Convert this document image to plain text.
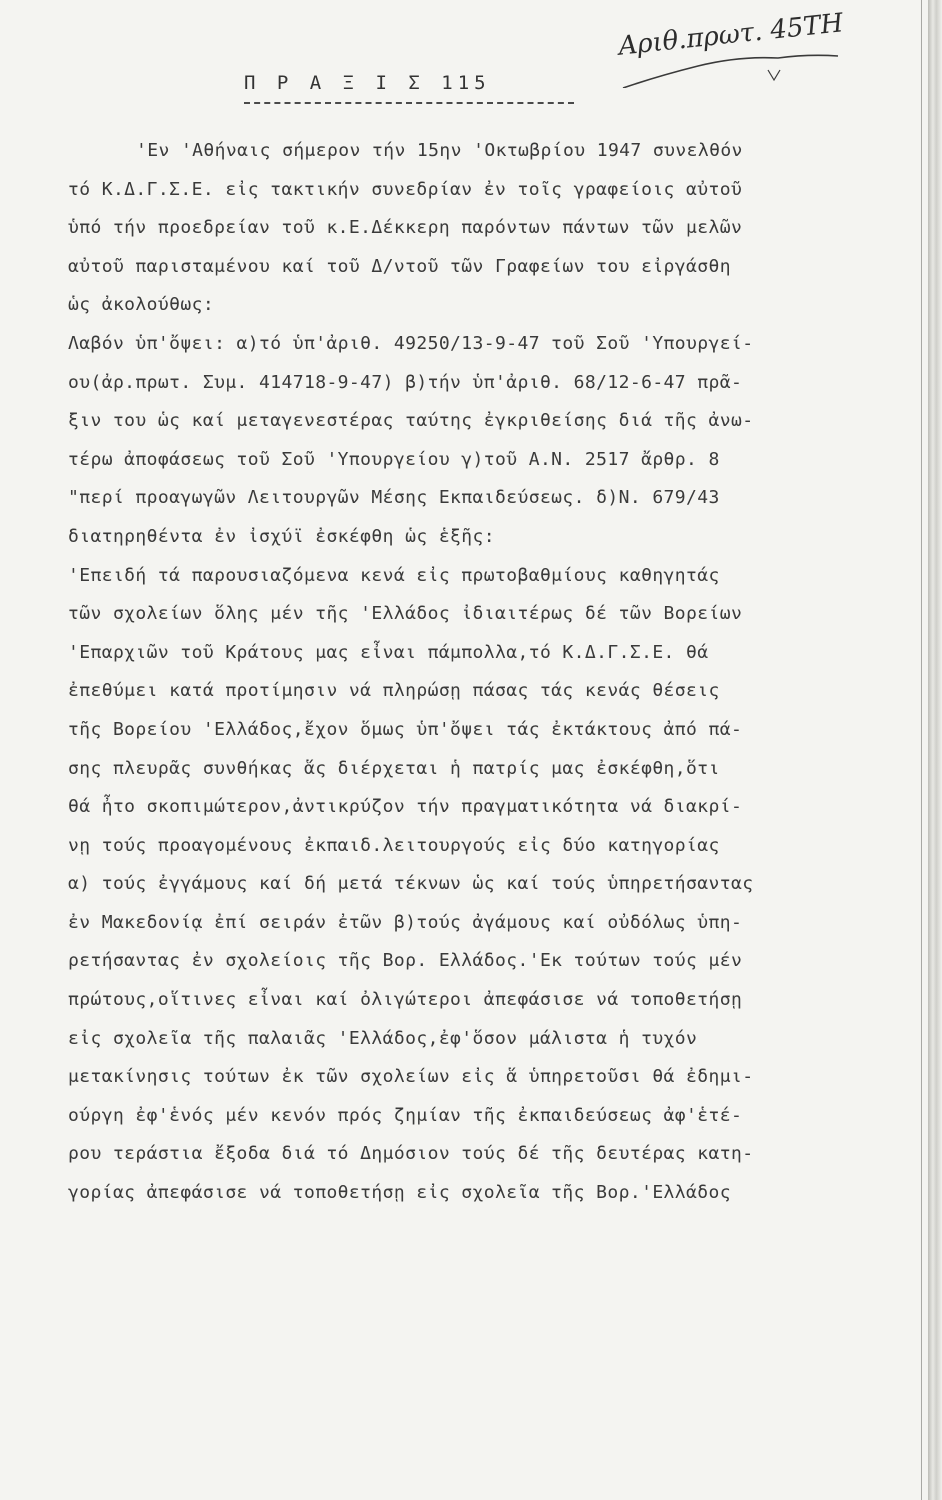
Αριθ.πρωτ. 45ΤΗ
Π Ρ Α Ξ Ι Σ 115
'Εν 'Αθήναις σήμερον τήν 15ην 'Οκτωβρίου 1947 συνελθόν
τό Κ.Δ.Γ.Σ.Ε. εἰς τακτικήν συνεδρίαν ἐν τοῖς γραφείοις αὐτοῦ
ὑπό τήν προεδρείαν τοῦ κ.Ε.Δέκκερη παρόντων πάντων τῶν μελῶν
αὐτοῦ παρισταμένου καί τοῦ Δ/ντοῦ τῶν Γραφείων του εἰργάσθη
ὡς ἀκολούθως:
Λαβόν ὑπ'ὄψει: α)τό ὑπ'ἀριθ. 49250/13-9-47 τοῦ Σοῦ 'Υπουργεί-
ου(ἀρ.πρωτ. Συμ. 414718-9-47) β)τήν ὑπ'ἀριθ. 68/12-6-47 πρᾶ-
ξιν του ὡς καί μεταγενεστέρας ταύτης ἐγκριθείσης διά τῆς ἀνω-
τέρω ἀποφάσεως τοῦ Σοῦ 'Υπουργείου γ)τοῦ Α.Ν. 2517 ἄρθρ. 8
"περί προαγωγῶν Λειτουργῶν Μέσης Εκπαιδεύσεως. δ)Ν. 679/43
διατηρηθέντα ἐν ἰσχύϊ ἐσκέφθη ὡς ἑξῆς:
'Επειδή τά παρουσιαζόμενα κενά εἰς πρωτοβαθμίους καθηγητάς
τῶν σχολείων ὅλης μέν τῆς 'Ελλάδος ἰδιαιτέρως δέ τῶν Βορείων
'Επαρχιῶν τοῦ Κράτους μας εἶναι πάμπολλα,τό Κ.Δ.Γ.Σ.Ε. θά
ἐπεθύμει κατά προτίμησιν νά πληρώσῃ πάσας τάς κενάς θέσεις
τῆς Βορείου 'Ελλάδος,ἔχον ὅμως ὑπ'ὄψει τάς ἐκτάκτους ἀπό πά-
σης πλευρᾶς συνθήκας ἅς διέρχεται ἡ πατρίς μας ἐσκέφθη,ὅτι
θά ἦτο σκοπιμώτερον,ἀντικρύζον τήν πραγματικότητα νά διακρί-
νῃ τούς προαγομένους ἐκπαιδ.λειτουργούς εἰς δύο κατηγορίας
α) τούς ἐγγάμους καί δή μετά τέκνων ὡς καί τούς ὑπηρετήσαντας
ἐν Μακεδονίᾳ ἐπί σειράν ἐτῶν β)τούς ἀγάμους καί οὐδόλως ὑπη-
ρετήσαντας ἐν σχολείοις τῆς Βορ. Ελλάδος.'Εκ τούτων τούς μέν
πρώτους,οἵτινες εἶναι καί ὀλιγώτεροι ἀπεφάσισε νά τοποθετήσῃ
εἰς σχολεῖα τῆς παλαιᾶς 'Ελλάδος,ἐφ'ὅσον μάλιστα ἡ τυχόν
μετακίνησις τούτων ἐκ τῶν σχολείων εἰς ἅ ὑπηρετοῦσι θά ἐδημι-
ούργη ἐφ'ἑνός μέν κενόν πρός ζημίαν τῆς ἐκπαιδεύσεως ἀφ'ἑτέ-
ρου τεράστια ἔξοδα διά τό Δημόσιον τούς δέ τῆς δευτέρας κατη-
γορίας ἀπεφάσισε νά τοποθετήσῃ εἰς σχολεῖα τῆς Βορ.'Ελλάδος
